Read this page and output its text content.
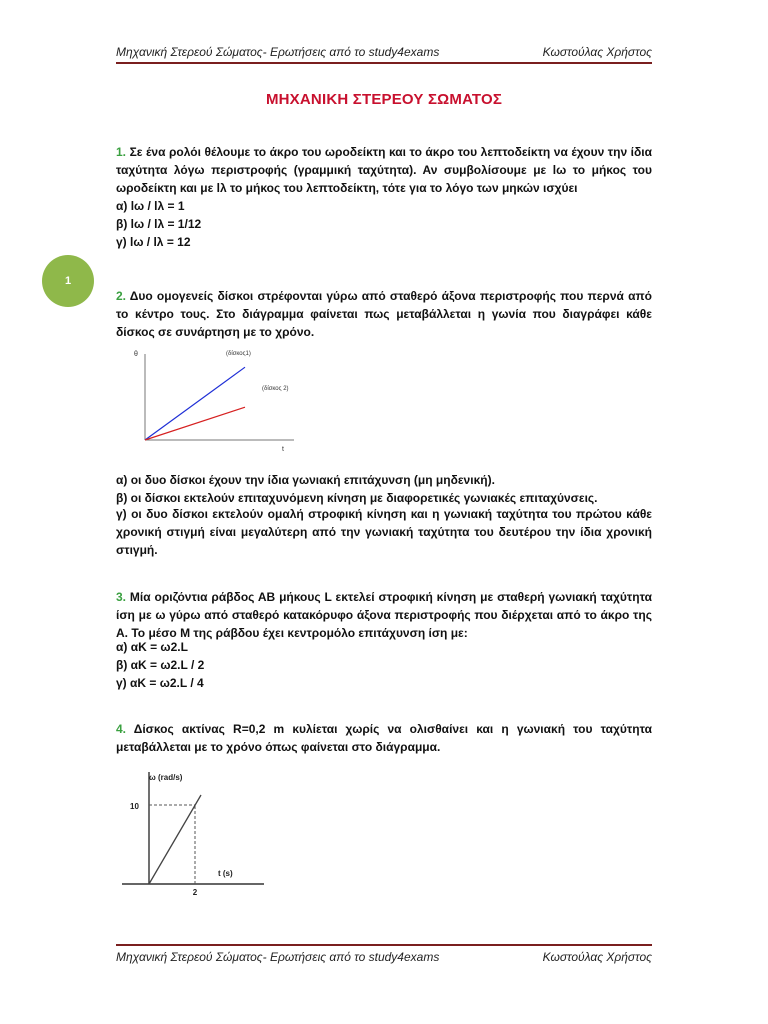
Μηχανική Στερεού Σώματος- Ερωτήσεις από το study4exams	Κωστούλας Χρήστος
ΜΗΧΑΝΙΚΗ ΣΤΕΡΕΟΥ ΣΩΜΑΤΟΣ
1
1. Σε ένα ρολόι θέλουμε το άκρο του ωροδείκτη και το άκρο του λεπτοδείκτη να έχουν την ίδια ταχύτητα λόγω περιστροφής (γραμμική ταχύτητα). Αν συμβολίσουμε με lω το μήκος του ωροδείκτη και με lλ το μήκος του λεπτοδείκτη, τότε για το λόγο των μηκών ισχύει
α) lω / lλ = 1
β) lω / lλ = 1/12
γ) lω / lλ = 12
2. Δυο ομογενείς δίσκοι στρέφονται γύρω από σταθερό άξονα περιστροφής που περνά από το κέντρο τους. Στο διάγραμμα φαίνεται πως μεταβάλλεται η γωνία που διαγράφει κάθε δίσκος σε συνάρτηση με το χρόνο.
θ
t
(δίσκος1)
(δίσκος 2)
α) οι δυο δίσκοι έχουν την ίδια γωνιακή επιτάχυνση (μη μηδενική).
β) οι δίσκοι εκτελούν επιταχυνόμενη κίνηση με διαφορετικές γωνιακές επιταχύνσεις.
γ) οι δυο δίσκοι εκτελούν ομαλή στροφική κίνηση και η γωνιακή ταχύτητα του πρώτου κάθε χρονική στιγμή είναι μεγαλύτερη από την γωνιακή ταχύτητα του δευτέρου την ίδια χρονική στιγμή.
3. Μία οριζόντια ράβδος ΑΒ μήκους L εκτελεί στροφική κίνηση με σταθερή γωνιακή ταχύτητα ίση με ω γύρω από σταθερό κατακόρυφο άξονα περιστροφής που διέρχεται από το άκρο της Α. Το μέσο Μ της ράβδου έχει κεντρομόλο επιτάχυνση ίση με:
α) αK = ω2.L
β) αK = ω2.L / 2
γ) αK = ω2.L / 4
4. Δίσκος ακτίνας R=0,2 m κυλίεται χωρίς να ολισθαίνει και η γωνιακή του ταχύτητα μεταβάλλεται με το χρόνο όπως φαίνεται στο διάγραμμα.
ω (rad/s)
t (s)
10
2
Μηχανική Στερεού Σώματος- Ερωτήσεις από το study4exams	Κωστούλας Χρήστος
